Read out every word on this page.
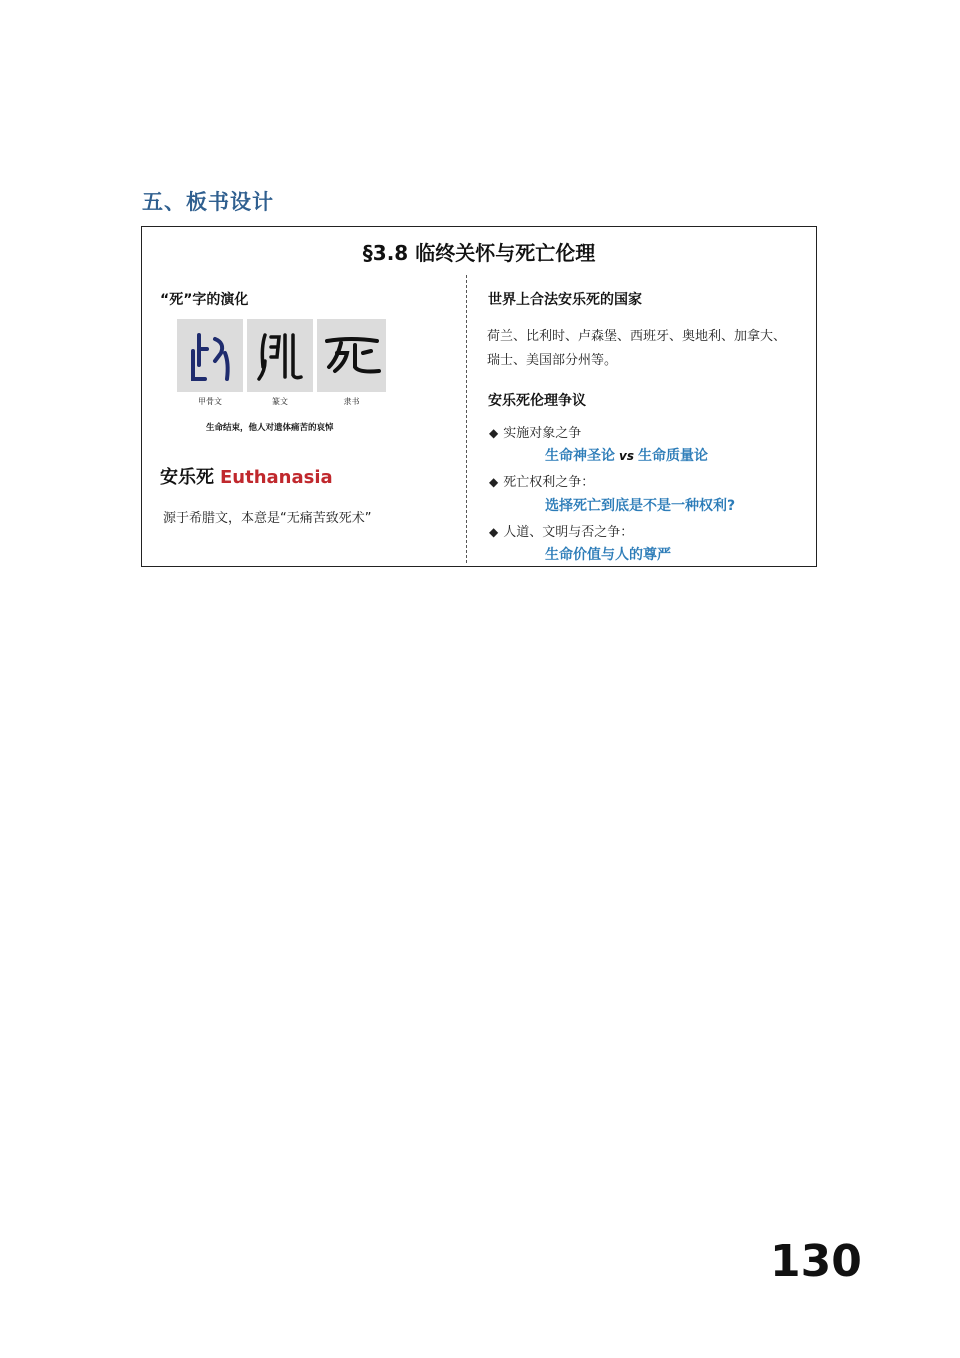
五、板书设计
§3.8 临终关怀与死亡伦理
“死”字的演化
甲骨文	篆文	隶书
生命结束，他人对遗体痛苦的哀悼
安乐死 Euthanasia
源于希腊文，本意是“无痛苦致死术”
世界上合法安乐死的国家
荷兰、比利时、卢森堡、西班牙、奥地利、加拿大、
瑞士、美国部分州等。
安乐死伦理争议
◆ 实施对象之争
生命神圣论 vs 生命质量论
◆ 死亡权利之争：
选择死亡到底是不是一种权利?
◆ 人道、文明与否之争：
生命价值与人的尊严
130
